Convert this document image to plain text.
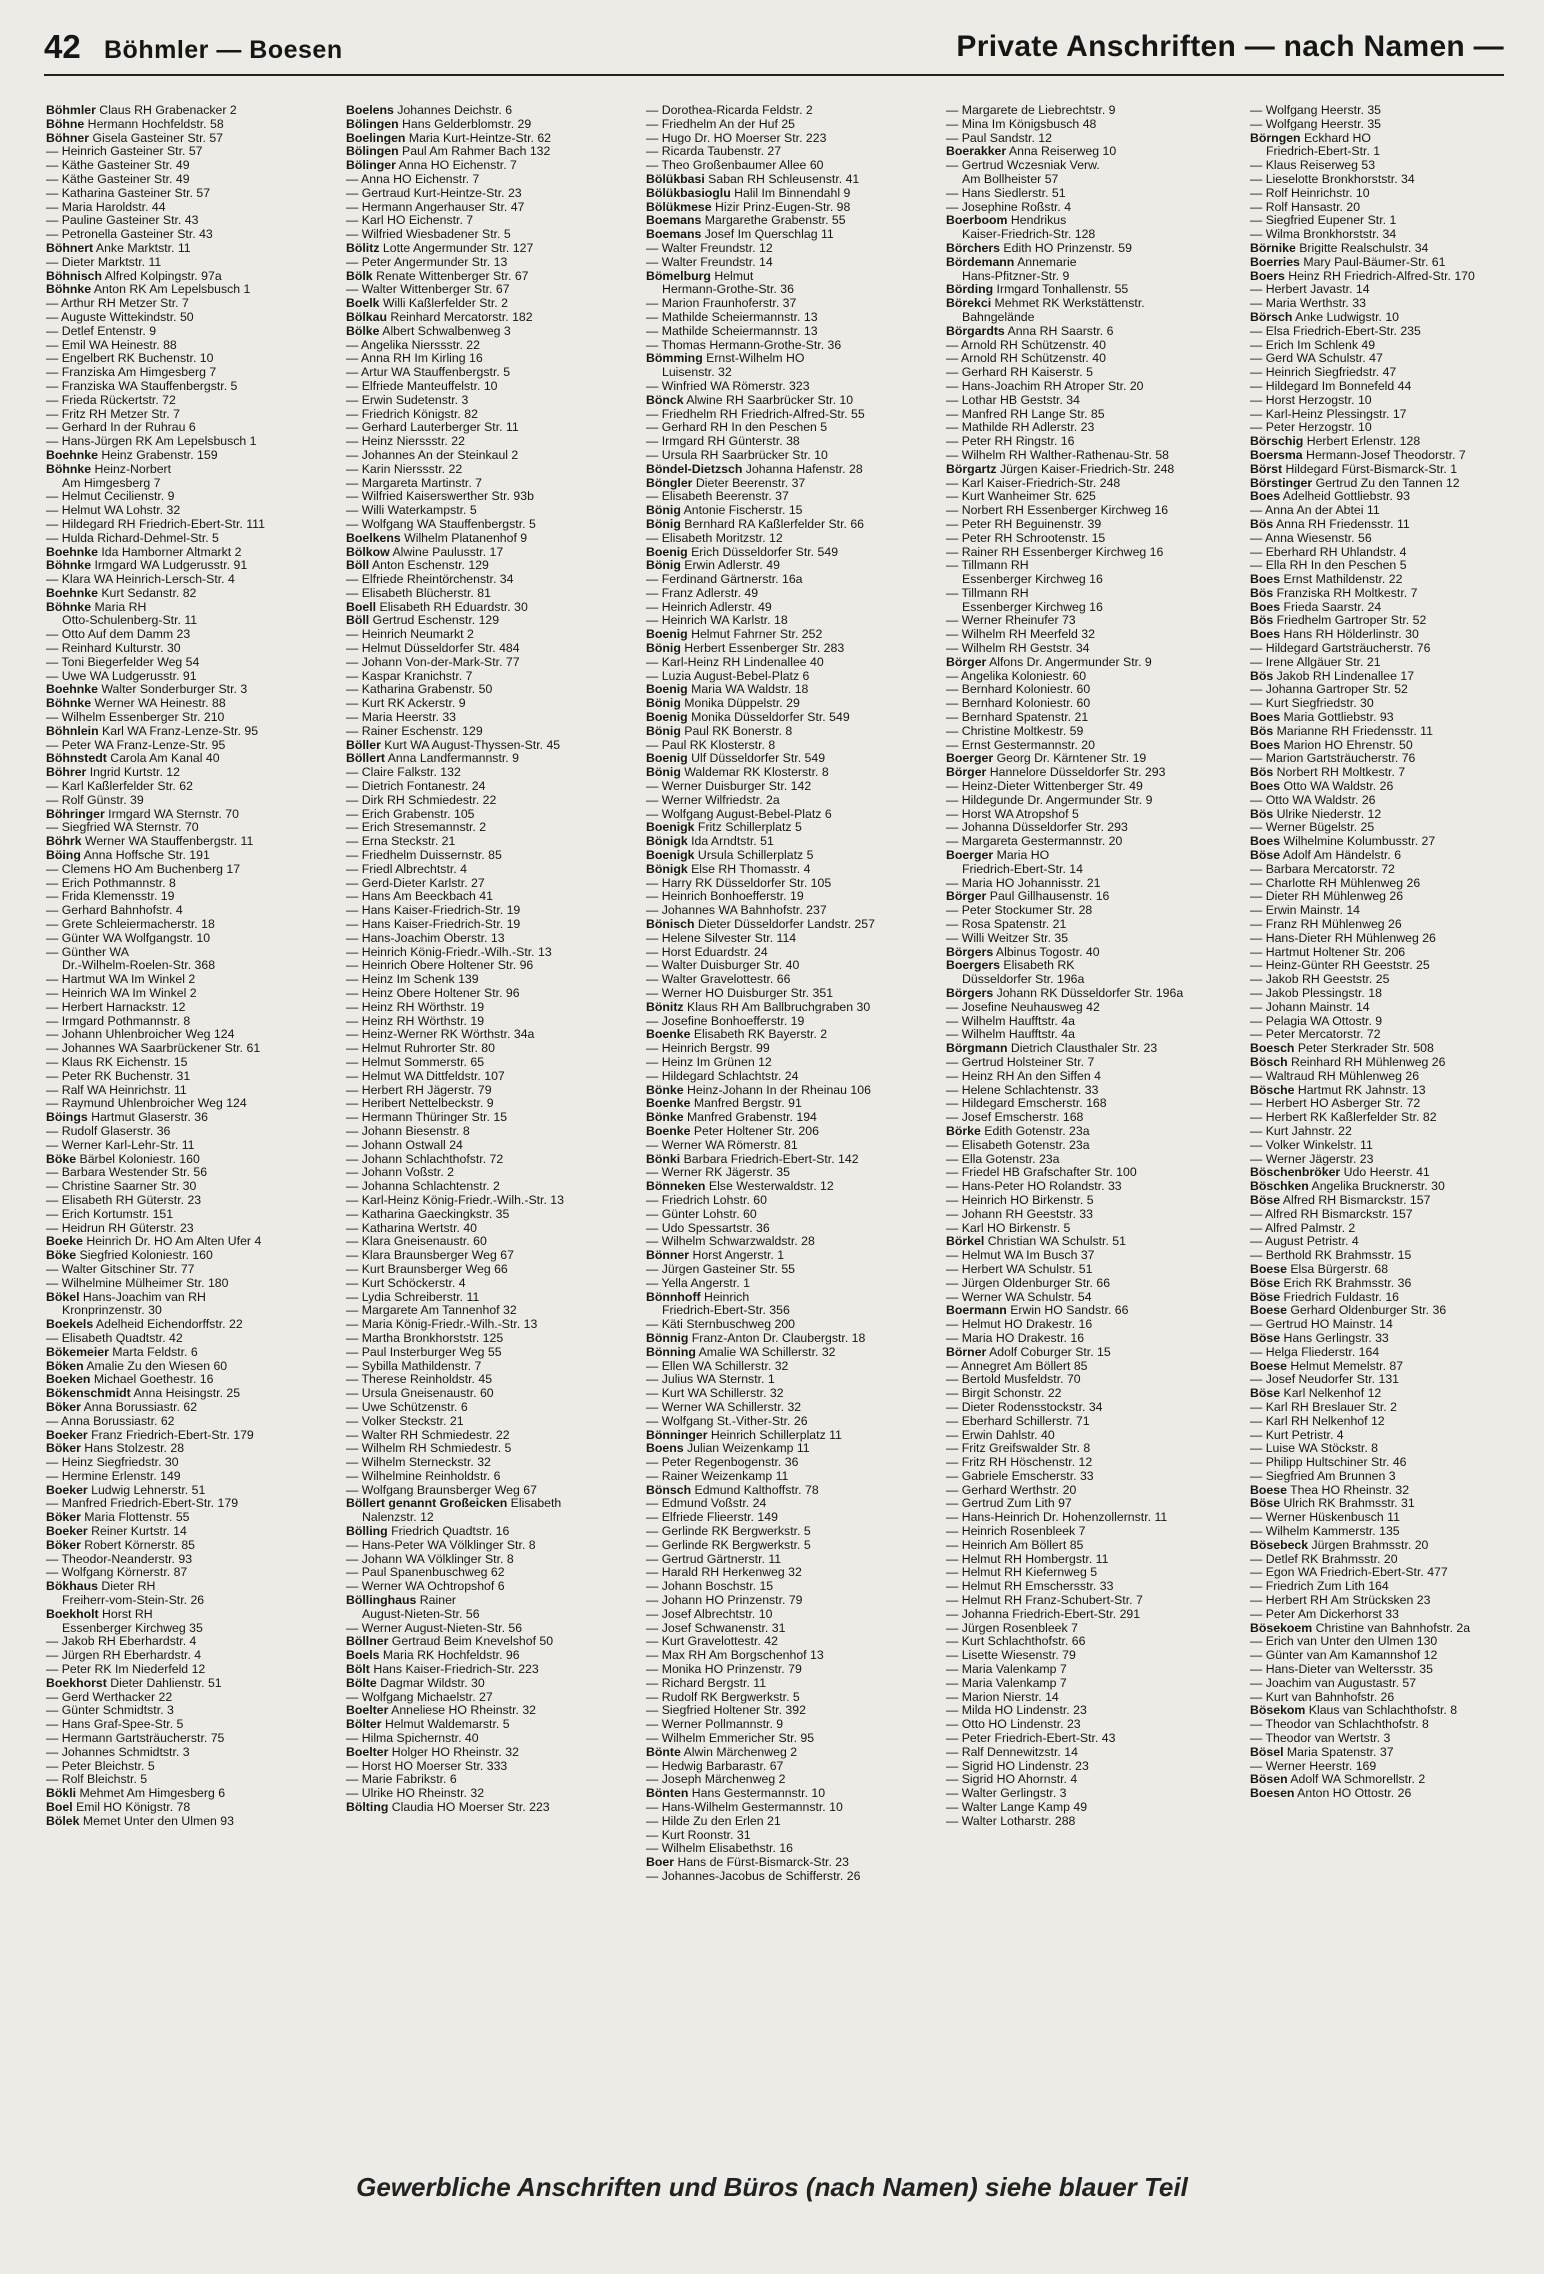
42 Böhmler — Boesen	Private Anschriften — nach Namen —
Böhmler Claus RH Grabenacker 2
Böhne Hermann Hochfeldstr. 58
Böhner Gisela Gasteiner Str. 57
— Heinrich Gasteiner Str. 57
— Käthe Gasteiner Str. 49
— Käthe Gasteiner Str. 49
— Katharina Gasteiner Str. 57
— Maria Haroldstr. 44
— Pauline Gasteiner Str. 43
— Petronella Gasteiner Str. 43
Böhnert Anke Marktstr. 11
— Dieter Marktstr. 11
Böhnisch Alfred Kolpingstr. 97a
Böhnke Anton RK Am Lepelsbusch 1
— Arthur RH Metzer Str. 7
— Auguste Wittekindstr. 50
— Detlef Entenstr. 9
— Emil WA Heinestr. 88
— Engelbert RK Buchenstr. 10
— Franziska Am Himgesberg 7
— Franziska WA Stauffenbergstr. 5
— Frieda Rückertstr. 72
— Fritz RH Metzer Str. 7
— Gerhard In der Ruhrau 6
— Hans-Jürgen RK Am Lepelsbusch 1
Boehnke Heinz Grabenstr. 159
Böhnke Heinz-Norbert
Am Himgesberg 7
— Helmut Cecilienstr. 9
— Helmut WA Lohstr. 32
— Hildegard RH Friedrich-Ebert-Str. 111
— Hulda Richard-Dehmel-Str. 5
Boehnke Ida Hamborner Altmarkt 2
Böhnke Irmgard WA Ludgerusstr. 91
— Klara WA Heinrich-Lersch-Str. 4
Boehnke Kurt Sedanstr. 82
Böhnke Maria RH
Otto-Schulenberg-Str. 11
— Otto Auf dem Damm 23
— Reinhard Kulturstr. 30
— Toni Biegerfelder Weg 54
— Uwe WA Ludgerusstr. 91
Boehnke Walter Sonderburger Str. 3
Böhnke Werner WA Heinestr. 88
— Wilhelm Essenberger Str. 210
Böhnlein Karl WA Franz-Lenze-Str. 95
— Peter WA Franz-Lenze-Str. 95
Böhnstedt Carola Am Kanal 40
Böhrer Ingrid Kurtstr. 12
— Karl Kaßlerfelder Str. 62
— Rolf Günstr. 39
Böhringer Irmgard WA Sternstr. 70
— Siegfried WA Sternstr. 70
Böhrk Werner WA Stauffenbergstr. 11
Böing Anna Hoffsche Str. 191
— Clemens HO Am Buchenberg 17
— Erich Pothmannstr. 8
— Frida Klemensstr. 19
— Gerhard Bahnhofstr. 4
— Grete Schleiermacherstr. 18
— Günter WA Wolfgangstr. 10
— Günther WA
Dr.-Wilhelm-Roelen-Str. 368
— Hartmut WA Im Winkel 2
— Heinrich WA Im Winkel 2
— Herbert Harnackstr. 12
— Irmgard Pothmannstr. 8
— Johann Uhlenbroicher Weg 124
— Johannes WA Saarbrückener Str. 61
— Klaus RK Eichenstr. 15
— Peter RK Buchenstr. 31
— Ralf WA Heinrichstr. 11
— Raymund Uhlenbroicher Weg 124
Böings Hartmut Glaserstr. 36
— Rudolf Glaserstr. 36
— Werner Karl-Lehr-Str. 11
Böke Bärbel Koloniestr. 160
— Barbara Westender Str. 56
— Christine Saarner Str. 30
— Elisabeth RH Güterstr. 23
— Erich Kortumstr. 151
— Heidrun RH Güterstr. 23
Boeke Heinrich Dr. HO Am Alten Ufer 4
Böke Siegfried Koloniestr. 160
— Walter Gitschiner Str. 77
— Wilhelmine Mülheimer Str. 180
Bökel Hans-Joachim van RH
Kronprinzenstr. 30
Boekels Adelheid Eichendorffstr. 22
— Elisabeth Quadtstr. 42
Bökemeier Marta Feldstr. 6
Böken Amalie Zu den Wiesen 60
Boeken Michael Goethestr. 16
Bökenschmidt Anna Heisingstr. 25
Böker Anna Borussiastr. 62
— Anna Borussiastr. 62
Boeker Franz Friedrich-Ebert-Str. 179
Böker Hans Stolzestr. 28
— Heinz Siegfriedstr. 30
— Hermine Erlenstr. 149
Boeker Ludwig Lehnerstr. 51
— Manfred Friedrich-Ebert-Str. 179
Böker Maria Flottenstr. 55
Boeker Reiner Kurtstr. 14
Böker Robert Körnerstr. 85
— Theodor-Neanderstr. 93
— Wolfgang Körnerstr. 87
Bökhaus Dieter RH
Freiherr-vom-Stein-Str. 26
Boekholt Horst RH
Essenberger Kirchweg 35
— Jakob RH Eberhardstr. 4
— Jürgen RH Eberhardstr. 4
— Peter RK Im Niederfeld 12
Boekhorst Dieter Dahlienstr. 51
— Gerd Werthacker 22
— Günter Schmidtstr. 3
— Hans Graf-Spee-Str. 5
— Hermann Gartsträucherstr. 75
— Johannes Schmidtstr. 3
— Peter Bleichstr. 5
— Rolf Bleichstr. 5
Bökli Mehmet Am Himgesberg 6
Boel Emil HO Königstr. 78
Bölek Memet Unter den Ulmen 93
Boelens Johannes Deichstr. 6
Bölingen Hans Gelderblomstr. 29
Boelingen Maria Kurt-Heintze-Str. 62
Bölingen Paul Am Rahmer Bach 132
Bölinger Anna HO Eichenstr. 7
— Anna HO Eichenstr. 7
— Gertraud Kurt-Heintze-Str. 23
— Hermann Angerhauser Str. 47
— Karl HO Eichenstr. 7
— Wilfried Wiesbadener Str. 5
Bölitz Lotte Angermunder Str. 127
— Peter Angermunder Str. 13
Bölk Renate Wittenberger Str. 67
— Walter Wittenberger Str. 67
Boelk Willi Kaßlerfelder Str. 2
Bölkau Reinhard Mercatorstr. 182
Bölke Albert Schwalbenweg 3
— Angelika Nierssstr. 22
— Anna RH Im Kirling 16
— Artur WA Stauffenbergstr. 5
— Elfriede Manteuffelstr. 10
— Erwin Sudetenstr. 3
— Friedrich Königstr. 82
— Gerhard Lauterberger Str. 11
— Heinz Nierssstr. 22
— Johannes An der Steinkaul 2
— Karin Nierssstr. 22
— Margareta Martinstr. 7
— Wilfried Kaiserswerther Str. 93b
— Willi Waterkampstr. 5
— Wolfgang WA Stauffenbergstr. 5
Boelkens Wilhelm Platanenhof 9
Bölkow Alwine Paulusstr. 17
Böll Anton Eschenstr. 129
— Elfriede Rheintörchenstr. 34
— Elisabeth Blücherstr. 81
Boell Elisabeth RH Eduardstr. 30
Böll Gertrud Eschenstr. 129
— Heinrich Neumarkt 2
— Helmut Düsseldorfer Str. 484
— Johann Von-der-Mark-Str. 77
— Kaspar Kranichstr. 7
— Katharina Grabenstr. 50
— Kurt RK Ackerstr. 9
— Maria Heerstr. 33
— Rainer Eschenstr. 129
Böller Kurt WA August-Thyssen-Str. 45
Böllert Anna Landfermannstr. 9
— Claire Falkstr. 132
— Dietrich Fontanestr. 24
— Dirk RH Schmiedestr. 22
— Erich Grabenstr. 105
— Erich Stresemannstr. 2
— Erna Steckstr. 21
— Friedhelm Duissernstr. 85
— Friedl Albrechtstr. 4
— Gerd-Dieter Karlstr. 27
— Hans Am Beeckbach 41
— Hans Kaiser-Friedrich-Str. 19
— Hans Kaiser-Friedrich-Str. 19
— Hans-Joachim Oberstr. 13
— Heinrich König-Friedr.-Wilh.-Str. 13
— Heinrich Obere Holtener Str. 96
— Heinz Im Schenk 139
— Heinz Obere Holtener Str. 96
— Heinz RH Wörthstr. 19
— Heinz RH Wörthstr. 19
— Heinz-Werner RK Wörthstr. 34a
— Helmut Ruhrorter Str. 80
— Helmut Sommerstr. 65
— Helmut WA Dittfeldstr. 107
— Herbert RH Jägerstr. 79
— Heribert Nettelbeckstr. 9
— Hermann Thüringer Str. 15
— Johann Biesenstr. 8
— Johann Ostwall 24
— Johann Schlachthofstr. 72
— Johann Voßstr. 2
— Johanna Schlachtenstr. 2
— Karl-Heinz König-Friedr.-Wilh.-Str. 13
— Katharina Gaeckingkstr. 35
— Katharina Wertstr. 40
— Klara Gneisenaustr. 60
— Klara Braunsberger Weg 67
— Kurt Braunsberger Weg 66
— Kurt Schöckerstr. 4
— Lydia Schreiberstr. 11
— Margarete Am Tannenhof 32
— Maria König-Friedr.-Wilh.-Str. 13
— Martha Bronkhorststr. 125
— Paul Insterburger Weg 55
— Sybilla Mathildenstr. 7
— Therese Reinholdstr. 45
— Ursula Gneisenaustr. 60
— Uwe Schützenstr. 6
— Volker Steckstr. 21
— Walter RH Schmiedestr. 22
— Wilhelm RH Schmiedestr. 5
— Wilhelm Sterneckstr. 32
— Wilhelmine Reinholdstr. 6
— Wolfgang Braunsberger Weg 67
Böllert genannt Großeicken Elisabeth
Nalenzstr. 12
Bölling Friedrich Quadtstr. 16
— Hans-Peter WA Völklinger Str. 8
— Johann WA Völklinger Str. 8
— Paul Spanenbuschweg 62
— Werner WA Ochtropshof 6
Böllinghaus Rainer
August-Nieten-Str. 56
— Werner August-Nieten-Str. 56
Böllner Gertraud Beim Knevelshof 50
Boels Maria RK Hochfeldstr. 96
Bölt Hans Kaiser-Friedrich-Str. 223
Bölte Dagmar Wildstr. 30
— Wolfgang Michaelstr. 27
Boelter Anneliese HO Rheinstr. 32
Bölter Helmut Waldemarstr. 5
— Hilma Spichernstr. 40
Boelter Holger HO Rheinstr. 32
— Horst HO Moerser Str. 333
— Marie Fabrikstr. 6
— Ulrike HO Rheinstr. 32
Bölting Claudia HO Moerser Str. 223
— Dorothea-Ricarda Feldstr. 2
— Friedhelm An der Huf 25
— Hugo Dr. HO Moerser Str. 223
— Ricarda Taubenstr. 27
— Theo Großenbaumer Allee 60
Bölükbasi Saban RH Schleusenstr. 41
Bölükbasioglu Halil Im Binnendahl 9
Bölükmese Hizir Prinz-Eugen-Str. 98
Boemans Margarethe Grabenstr. 55
Boemans Josef Im Querschlag 11
— Walter Freundstr. 12
— Walter Freundstr. 14
Bömelburg Helmut
Hermann-Grothe-Str. 36
— Marion Fraunhoferstr. 37
— Mathilde Scheiermannstr. 13
— Mathilde Scheiermannstr. 13
— Thomas Hermann-Grothe-Str. 36
Bömming Ernst-Wilhelm HO
Luisenstr. 32
— Winfried WA Römerstr. 323
Bönck Alwine RH Saarbrücker Str. 10
— Friedhelm RH Friedrich-Alfred-Str. 55
— Gerhard RH In den Peschen 5
— Irmgard RH Günterstr. 38
— Ursula RH Saarbrücker Str. 10
Böndel-Dietzsch Johanna Hafenstr. 28
Böngler Dieter Beerenstr. 37
— Elisabeth Beerenstr. 37
Bönig Antonie Fischerstr. 15
Bönig Bernhard RA Kaßlerfelder Str. 66
— Elisabeth Moritzstr. 12
Boenig Erich Düsseldorfer Str. 549
Bönig Erwin Adlerstr. 49
— Ferdinand Gärtnerstr. 16a
— Franz Adlerstr. 49
— Heinrich Adlerstr. 49
— Heinrich WA Karlstr. 18
Boenig Helmut Fahrner Str. 252
Bönig Herbert Essenberger Str. 283
— Karl-Heinz RH Lindenallee 40
— Luzia August-Bebel-Platz 6
Boenig Maria WA Waldstr. 18
Bönig Monika Düppelstr. 29
Boenig Monika Düsseldorfer Str. 549
Bönig Paul RK Bonerstr. 8
— Paul RK Klosterstr. 8
Boenig Ulf Düsseldorfer Str. 549
Bönig Waldemar RK Klosterstr. 8
— Werner Duisburger Str. 142
— Werner Wilfriedstr. 2a
— Wolfgang August-Bebel-Platz 6
Boenigk Fritz Schillerplatz 5
Bönigk Ida Arndtstr. 51
Boenigk Ursula Schillerplatz 5
Bönigk Else RH Thomasstr. 4
— Harry RK Düsseldorfer Str. 105
— Heinrich Bonhoefferstr. 19
— Johannes WA Bahnhofstr. 237
Bönisch Dieter Düsseldorfer Landstr. 257
— Helene Silvester Str. 114
— Horst Eduardstr. 24
— Walter Duisburger Str. 40
— Walter Gravelottestr. 66
— Werner HO Duisburger Str. 351
Bönitz Klaus RH Am Ballbruchgraben 30
— Josefine Bonhoefferstr. 19
Boenke Elisabeth RK Bayerstr. 2
— Heinrich Bergstr. 99
— Heinz Im Grünen 12
— Hildegard Schlachtstr. 24
Bönke Heinz-Johann In der Rheinau 106
Boenke Manfred Bergstr. 91
Bönke Manfred Grabenstr. 194
Boenke Peter Holtener Str. 206
— Werner WA Römerstr. 81
Bönki Barbara Friedrich-Ebert-Str. 142
— Werner RK Jägerstr. 35
Bönneken Else Westerwaldstr. 12
— Friedrich Lohstr. 60
— Günter Lohstr. 60
— Udo Spessartstr. 36
— Wilhelm Schwarzwaldstr. 28
Bönner Horst Angerstr. 1
— Jürgen Gasteiner Str. 55
— Yella Angerstr. 1
Bönnhoff Heinrich
Friedrich-Ebert-Str. 356
— Käti Sternbuschweg 200
Bönnig Franz-Anton Dr. Claubergstr. 18
Bönning Amalie WA Schillerstr. 32
— Ellen WA Schillerstr. 32
— Julius WA Sternstr. 1
— Kurt WA Schillerstr. 32
— Werner WA Schillerstr. 32
— Wolfgang St.-Vither-Str. 26
Bönninger Heinrich Schillerplatz 11
Boens Julian Weizenkamp 11
— Peter Regenbogenstr. 36
— Rainer Weizenkamp 11
Bönsch Edmund Kalthoffstr. 78
— Edmund Voßstr. 24
— Elfriede Flieerstr. 149
— Gerlinde RK Bergwerkstr. 5
— Gerlinde RK Bergwerkstr. 5
— Gertrud Gärtnerstr. 11
— Harald RH Herkenweg 32
— Johann Boschstr. 15
— Johann HO Prinzenstr. 79
— Josef Albrechtstr. 10
— Josef Schwanenstr. 31
— Kurt Gravelottestr. 42
— Max RH Am Borgschenhof 13
— Monika HO Prinzenstr. 79
— Richard Bergstr. 11
— Rudolf RK Bergwerkstr. 5
— Siegfried Holtener Str. 392
— Werner Pollmannstr. 9
— Wilhelm Emmericher Str. 95
Bönte Alwin Märchenweg 2
— Hedwig Barbarastr. 67
— Joseph Märchenweg 2
Bönten Hans Gestermannstr. 10
— Hans-Wilhelm Gestermannstr. 10
— Hilde Zu den Erlen 21
— Kurt Roonstr. 31
— Wilhelm Elisabethstr. 16
Boer Hans de Fürst-Bismarck-Str. 23
— Johannes-Jacobus de Schifferstr. 26
— Margarete de Liebrechtstr. 9
— Mina Im Königsbusch 48
— Paul Sandstr. 12
Boerakker Anna Reiserweg 10
— Gertrud Wczesniak Verw.
Am Bollheister 57
— Hans Siedlerstr. 51
— Josephine Roßstr. 4
Boerboom Hendrikus
Kaiser-Friedrich-Str. 128
Börchers Edith HO Prinzenstr. 59
Bördemann Annemarie
Hans-Pfitzner-Str. 9
Börding Irmgard Tonhallenstr. 55
Börekci Mehmet RK Werkstättenstr.
Bahngelände
Börgardts Anna RH Saarstr. 6
— Arnold RH Schützenstr. 40
— Arnold RH Schützenstr. 40
— Gerhard RH Kaiserstr. 5
— Hans-Joachim RH Atroper Str. 20
— Lothar HB Geststr. 34
— Manfred RH Lange Str. 85
— Mathilde RH Adlerstr. 23
— Peter RH Ringstr. 16
— Wilhelm RH Walther-Rathenau-Str. 58
Börgartz Jürgen Kaiser-Friedrich-Str. 248
— Karl Kaiser-Friedrich-Str. 248
— Kurt Wanheimer Str. 625
— Norbert RH Essenberger Kirchweg 16
— Peter RH Beguinenstr. 39
— Peter RH Schrootenstr. 15
— Rainer RH Essenberger Kirchweg 16
— Tillmann RH
Essenberger Kirchweg 16
— Tillmann RH
Essenberger Kirchweg 16
— Werner Rheinufer 73
— Wilhelm RH Meerfeld 32
— Wilhelm RH Geststr. 34
Börger Alfons Dr. Angermunder Str. 9
— Angelika Koloniestr. 60
— Bernhard Koloniestr. 60
— Bernhard Koloniestr. 60
— Bernhard Spatenstr. 21
— Christine Moltkestr. 59
— Ernst Gestermannstr. 20
Boerger Georg Dr. Kärntener Str. 19
Börger Hannelore Düsseldorfer Str. 293
— Heinz-Dieter Wittenberger Str. 49
— Hildegunde Dr. Angermunder Str. 9
— Horst WA Atropshof 5
— Johanna Düsseldorfer Str. 293
— Margareta Gestermannstr. 20
Boerger Maria HO
Friedrich-Ebert-Str. 14
— Maria HO Johannisstr. 21
Börger Paul Gillhausenstr. 16
— Peter Stockumer Str. 28
— Rosa Spatenstr. 21
— Willi Weitzer Str. 35
Börgers Albinus Togostr. 40
Boergers Elisabeth RK
Düsseldorfer Str. 196a
Börgers Johann RK Düsseldorfer Str. 196a
— Josefine Neuhausweg 42
— Wilhelm Haufftstr. 4a
— Wilhelm Haufftstr. 4a
Börgmann Dietrich Clausthaler Str. 23
— Gertrud Holsteiner Str. 7
— Heinz RH An den Siffen 4
— Helene Schlachtenstr. 33
— Hildegard Emscherstr. 168
— Josef Emscherstr. 168
Börke Edith Gotenstr. 23a
— Elisabeth Gotenstr. 23a
— Ella Gotenstr. 23a
— Friedel HB Grafschafter Str. 100
— Hans-Peter HO Rolandstr. 33
— Heinrich HO Birkenstr. 5
— Johann RH Geeststr. 33
— Karl HO Birkenstr. 5
Börkel Christian WA Schulstr. 51
— Helmut WA Im Busch 37
— Herbert WA Schulstr. 51
— Jürgen Oldenburger Str. 66
— Werner WA Schulstr. 54
Boermann Erwin HO Sandstr. 66
— Helmut HO Drakestr. 16
— Maria HO Drakestr. 16
Börner Adolf Coburger Str. 15
— Annegret Am Böllert 85
— Bertold Musfeldstr. 70
— Birgit Schonstr. 22
— Dieter Rodensstockstr. 34
— Eberhard Schillerstr. 71
— Erwin Dahlstr. 40
— Fritz Greifswalder Str. 8
— Fritz RH Höschenstr. 12
— Gabriele Emscherstr. 33
— Gerhard Werthstr. 20
— Gertrud Zum Lith 97
— Hans-Heinrich Dr. Hohenzollernstr. 11
— Heinrich Rosenbleek 7
— Heinrich Am Böllert 85
— Helmut RH Hombergstr. 11
— Helmut RH Kiefernweg 5
— Helmut RH Emschersstr. 33
— Helmut RH Franz-Schubert-Str. 7
— Johanna Friedrich-Ebert-Str. 291
— Jürgen Rosenbleek 7
— Kurt Schlachthofstr. 66
— Lisette Wiesenstr. 79
— Maria Valenkamp 7
— Maria Valenkamp 7
— Marion Nierstr. 14
— Milda HO Lindenstr. 23
— Otto HO Lindenstr. 23
— Peter Friedrich-Ebert-Str. 43
— Ralf Dennewitzstr. 14
— Sigrid HO Lindenstr. 23
— Sigrid HO Ahornstr. 4
— Walter Gerlingstr. 3
— Walter Lange Kamp 49
— Walter Lotharstr. 288
— Wolfgang Heerstr. 35
— Wolfgang Heerstr. 35
Börngen Eckhard HO
Friedrich-Ebert-Str. 1
— Klaus Reiserweg 53
— Lieselotte Bronkhorststr. 34
— Rolf Heinrichstr. 10
— Rolf Hansastr. 20
— Siegfried Eupener Str. 1
— Wilma Bronkhorststr. 34
Börnike Brigitte Realschulstr. 34
Boerries Mary Paul-Bäumer-Str. 61
Boers Heinz RH Friedrich-Alfred-Str. 170
— Herbert Javastr. 14
— Maria Werthstr. 33
Börsch Anke Ludwigstr. 10
— Elsa Friedrich-Ebert-Str. 235
— Erich Im Schlenk 49
— Gerd WA Schulstr. 47
— Heinrich Siegfriedstr. 47
— Hildegard Im Bonnefeld 44
— Horst Herzogstr. 10
— Karl-Heinz Plessingstr. 17
— Peter Herzogstr. 10
Börschig Herbert Erlenstr. 128
Boersma Hermann-Josef Theodorstr. 7
Börst Hildegard Fürst-Bismarck-Str. 1
Börstinger Gertrud Zu den Tannen 12
Boes Adelheid Gottliebstr. 93
— Anna An der Abtei 11
Bös Anna RH Friedensstr. 11
— Anna Wiesenstr. 56
— Eberhard RH Uhlandstr. 4
— Ella RH In den Peschen 5
Boes Ernst Mathildenstr. 22
Bös Franziska RH Moltkestr. 7
Boes Frieda Saarstr. 24
Bös Friedhelm Gartroper Str. 52
Boes Hans RH Hölderlinstr. 30
— Hildegard Gartsträucherstr. 76
— Irene Allgäuer Str. 21
Bös Jakob RH Lindenallee 17
— Johanna Gartroper Str. 52
— Kurt Siegfriedstr. 30
Boes Maria Gottliebstr. 93
Bös Marianne RH Friedensstr. 11
Boes Marion HO Ehrenstr. 50
— Marion Gartsträucherstr. 76
Bös Norbert RH Moltkestr. 7
Boes Otto WA Waldstr. 26
— Otto WA Waldstr. 26
Bös Ulrike Niederstr. 12
— Werner Bügelstr. 25
Boes Wilhelmine Kolumbusstr. 27
Böse Adolf Am Händelstr. 6
— Barbara Mercatorstr. 72
— Charlotte RH Mühlenweg 26
— Dieter RH Mühlenweg 26
— Erwin Mainstr. 14
— Franz RH Mühlenweg 26
— Hans-Dieter RH Mühlenweg 26
— Hartmut Holtener Str. 206
— Heinz-Günter RH Geeststr. 25
— Jakob RH Geeststr. 25
— Jakob Plessingstr. 18
— Johann Mainstr. 14
— Pelagia WA Ottostr. 9
— Peter Mercatorstr. 72
Boesch Peter Sterkrader Str. 508
Bösch Reinhard RH Mühlenweg 26
— Waltraud RH Mühlenweg 26
Bösche Hartmut RK Jahnstr. 13
— Herbert HO Asberger Str. 72
— Herbert RK Kaßlerfelder Str. 82
— Kurt Jahnstr. 22
— Volker Winkelstr. 11
— Werner Jägerstr. 23
Böschenbröker Udo Heerstr. 41
Böschken Angelika Brucknerstr. 30
Böse Alfred RH Bismarckstr. 157
— Alfred RH Bismarckstr. 157
— Alfred Palmstr. 2
— August Petristr. 4
— Berthold RK Brahmsstr. 15
Boese Elsa Bürgerstr. 68
Böse Erich RK Brahmsstr. 36
Böse Friedrich Fuldastr. 16
Boese Gerhard Oldenburger Str. 36
— Gertrud HO Mainstr. 14
Böse Hans Gerlingstr. 33
— Helga Fliederstr. 164
Boese Helmut Memelstr. 87
— Josef Neudorfer Str. 131
Böse Karl Nelkenhof 12
— Karl RH Breslauer Str. 2
— Karl RH Nelkenhof 12
— Kurt Petristr. 4
— Luise WA Stöckstr. 8
— Philipp Hultschiner Str. 46
— Siegfried Am Brunnen 3
Boese Thea HO Rheinstr. 32
Böse Ulrich RK Brahmsstr. 31
— Werner Hüskenbusch 11
— Wilhelm Kammerstr. 135
Bösebeck Jürgen Brahmsstr. 20
— Detlef RK Brahmsstr. 20
— Egon WA Friedrich-Ebert-Str. 477
— Friedrich Zum Lith 164
— Herbert RH Am Strücksken 23
— Peter Am Dickerhorst 33
Bösekoem Christine van Bahnhofstr. 2a
— Erich van Unter den Ulmen 130
— Günter van Am Kamannshof 12
— Hans-Dieter van Weltersstr. 35
— Joachim van Augustastr. 57
— Kurt van Bahnhofstr. 26
Bösekom Klaus van Schlachthofstr. 8
— Theodor van Schlachthofstr. 8
— Theodor van Wertstr. 3
Bösel Maria Spatenstr. 37
— Werner Heerstr. 169
Bösen Adolf WA Schmorellstr. 2
Boesen Anton HO Ottostr. 26
Gewerbliche Anschriften und Büros (nach Namen) siehe blauer Teil
